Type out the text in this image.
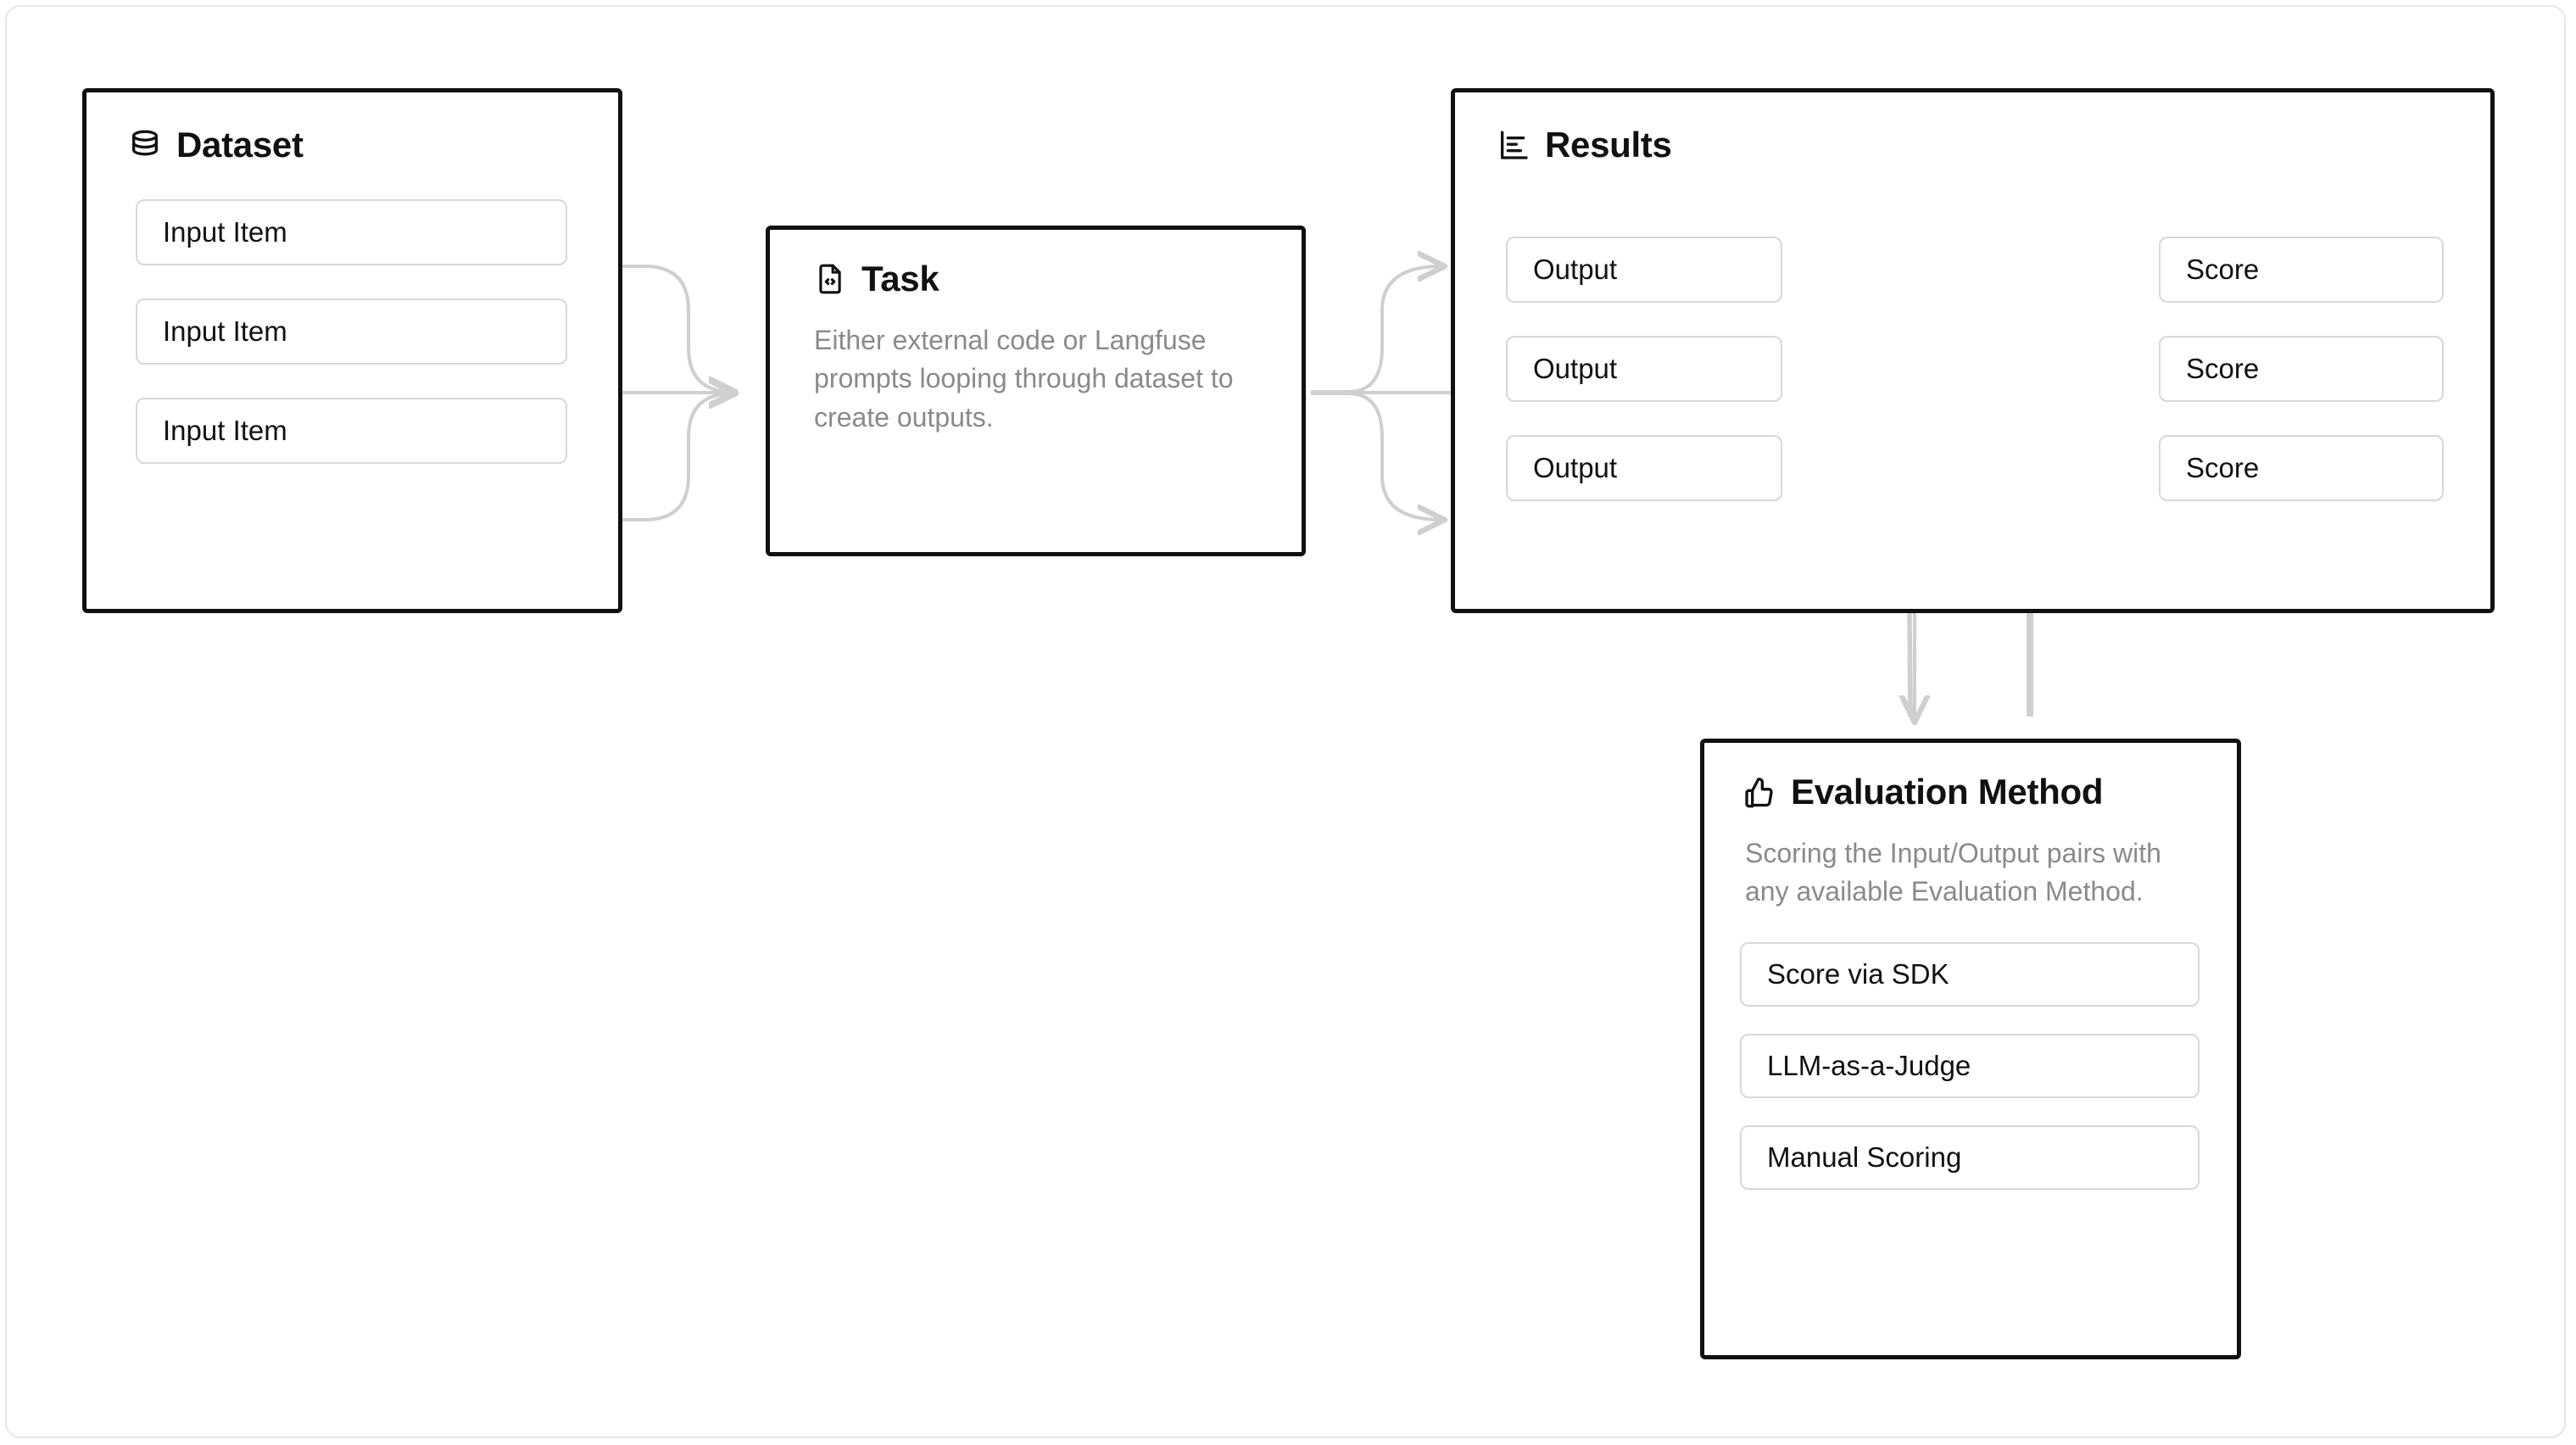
Dataset
Input Item
Input Item
Input Item
Task
Either external code or Langfuse prompts looping through dataset to create outputs.
Results
Output
Output
Output
Score
Score
Score
Evaluation Method
Scoring the Input/Output pairs with any available Evaluation Method.
Score via SDK
LLM-as-a-Judge
Manual Scoring
